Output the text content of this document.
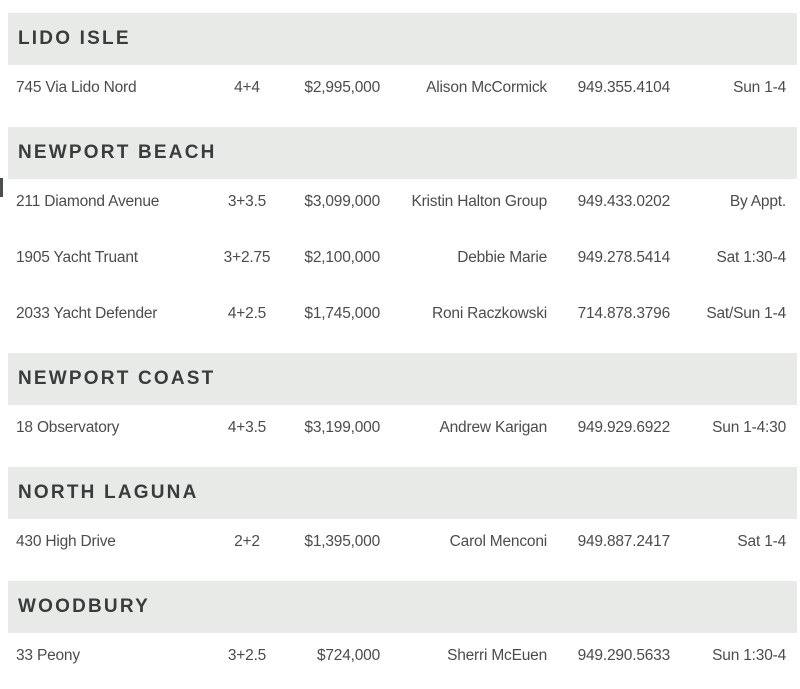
LIDO ISLE
745 Via Lido Nord	4+4	$2,995,000	Alison McCormick	949.355.4104	Sun 1-4
NEWPORT BEACH
211 Diamond Avenue	3+3.5	$3,099,000	Kristin Halton Group	949.433.0202	By Appt.
1905 Yacht Truant	3+2.75	$2,100,000	Debbie Marie	949.278.5414	Sat 1:30-4
2033 Yacht Defender	4+2.5	$1,745,000	Roni Raczkowski	714.878.3796	Sat/Sun 1-4
NEWPORT COAST
18 Observatory	4+3.5	$3,199,000	Andrew Karigan	949.929.6922	Sun 1-4:30
NORTH LAGUNA
430 High Drive	2+2	$1,395,000	Carol Menconi	949.887.2417	Sat 1-4
WOODBURY
33 Peony	3+2.5	$724,000	Sherri McEuen	949.290.5633	Sun 1:30-4
